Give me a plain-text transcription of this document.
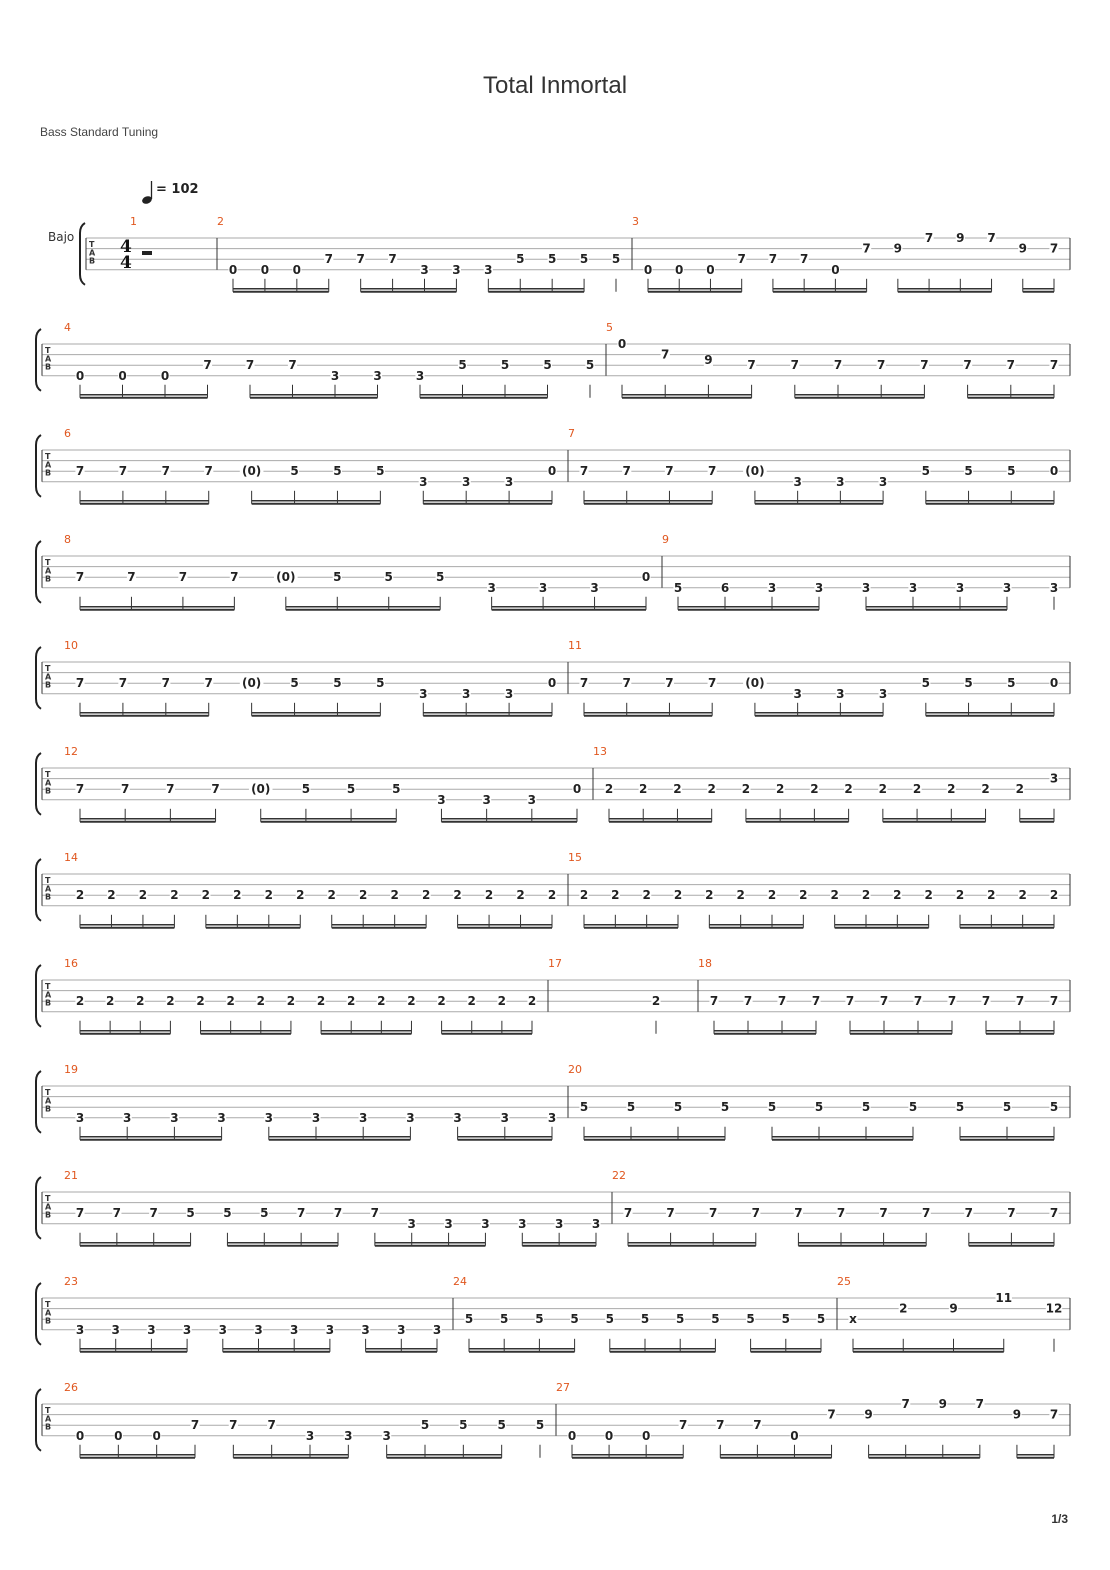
Total Inmortal
Bass Standard Tuning
1/3
= 102
Bajo
T
A
B
4
4
1	2
0 0 0
7 7 7
3 3 3
5 5 5 5
3
0 0 0
7 7 7
0
7 9
7 9 7
9 7
T
A
B
4
0	0	0
7	7	7
3	3	3
5	5	5	5
5
0
7	9	7	7	7	7	7	7	7	7
T
A
B
6
7	7	7	7 (0) 5	5	5
3	3	3
0
7
7	7	7	7 (0)
3	3	3
5	5	5	0
T
A
B
8
7	7	7	7	(0)	5	5	5
3	3	3
0
9
5	6	3	3	3	3	3	3	3
T
A
B
10
7	7	7	7 (0) 5	5	5
3	3	3
0
11
7	7	7	7 (0)
3	3	3
5	5	5	0
T
A
B
12
7	7	7	7	(0)	5	5	5
3	3	3
0
13
2 2 2 2 2 2 2 2 2 2 2 2 2
3
T
A
B
14
2 2 2 2 2 2 2 2 2 2 2 2 2 2 2 2
15
2 2 2 2 2 2 2 2 2 2 2 2 2 2 2 2
T
A
B
16
2 2 2 2 2 2 2 2 2 2 2 2 2 2 2 2
17
2
18
7 7 7 7 7 7 7 7 7 7 7
T
A
B
19
3	3	3	3	3	3	3	3	3	3	3
20
5	5	5	5	5	5	5	5	5	5	5
T
A
B
21
7 7 7 5 5 5 7 7 7
3 3 3 3 3 3
22
7	7	7	7	7	7	7	7	7	7	7
T
A
B
23
3 3 3 3 3 3 3 3 3 3 3
24
5 5 5 5 5 5 5 5 5 5 5
25
x
2	9
11
12
T
A
B
26
0 0 0
7 7 7
3 3 3
5 5 5 5
27
0 0 0
7 7 7
0
7 9
7 9 7
9 7
